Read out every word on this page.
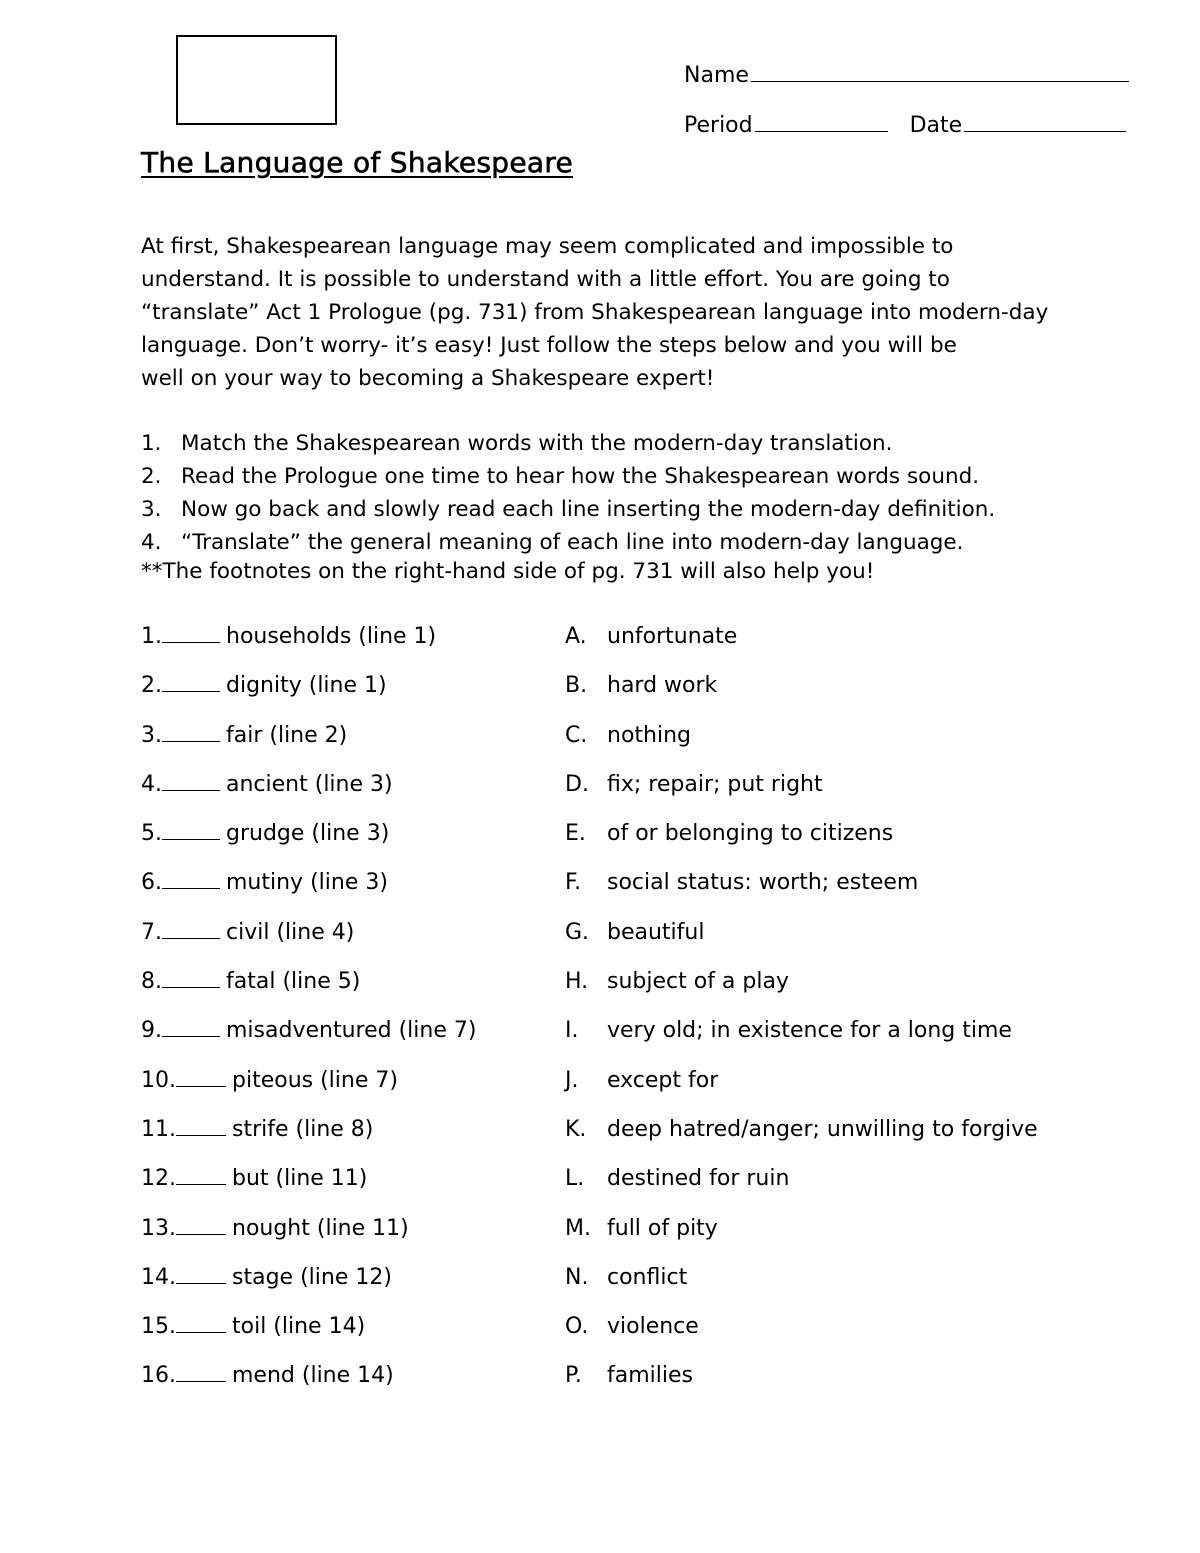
Name
Period	Date
The Language of Shakespeare
At first, Shakespearean language may seem complicated and impossible to
understand. It is possible to understand with a little effort. You are going to
“translate” Act 1 Prologue (pg. 731) from Shakespearean language into modern-day
language. Don’t worry- it’s easy! Just follow the steps below and you will be
well on your way to becoming a Shakespeare expert!
1. Match the Shakespearean words with the modern-day translation.
2. Read the Prologue one time to hear how the Shakespearean words sound.
3. Now go back and slowly read each line inserting the modern-day definition.
4. “Translate” the general meaning of each line into modern-day language.
**The footnotes on the right-hand side of pg. 731 will also help you!
1.	households (line 1)	A. unfortunate
2.	dignity (line 1)	B. hard work
3.	fair (line 2)	C. nothing
4.	ancient (line 3)	D. fix; repair; put right
5.	grudge (line 3)	E. of or belonging to citizens
6.	mutiny (line 3)	F. social status: worth; esteem
7.	civil (line 4)	G. beautiful
8.	fatal (line 5)	H. subject of a play
9.	misadventured (line 7)	I. very old; in existence for a long time
10.	piteous (line 7)	J. except for
11.	strife (line 8)	K. deep hatred/anger; unwilling to forgive
12.	but (line 11)	L. destined for ruin
13.	nought (line 11)	M. full of pity
14.	stage (line 12)	N. conflict
15.	toil (line 14)	O. violence
16.	mend (line 14)	P. families
